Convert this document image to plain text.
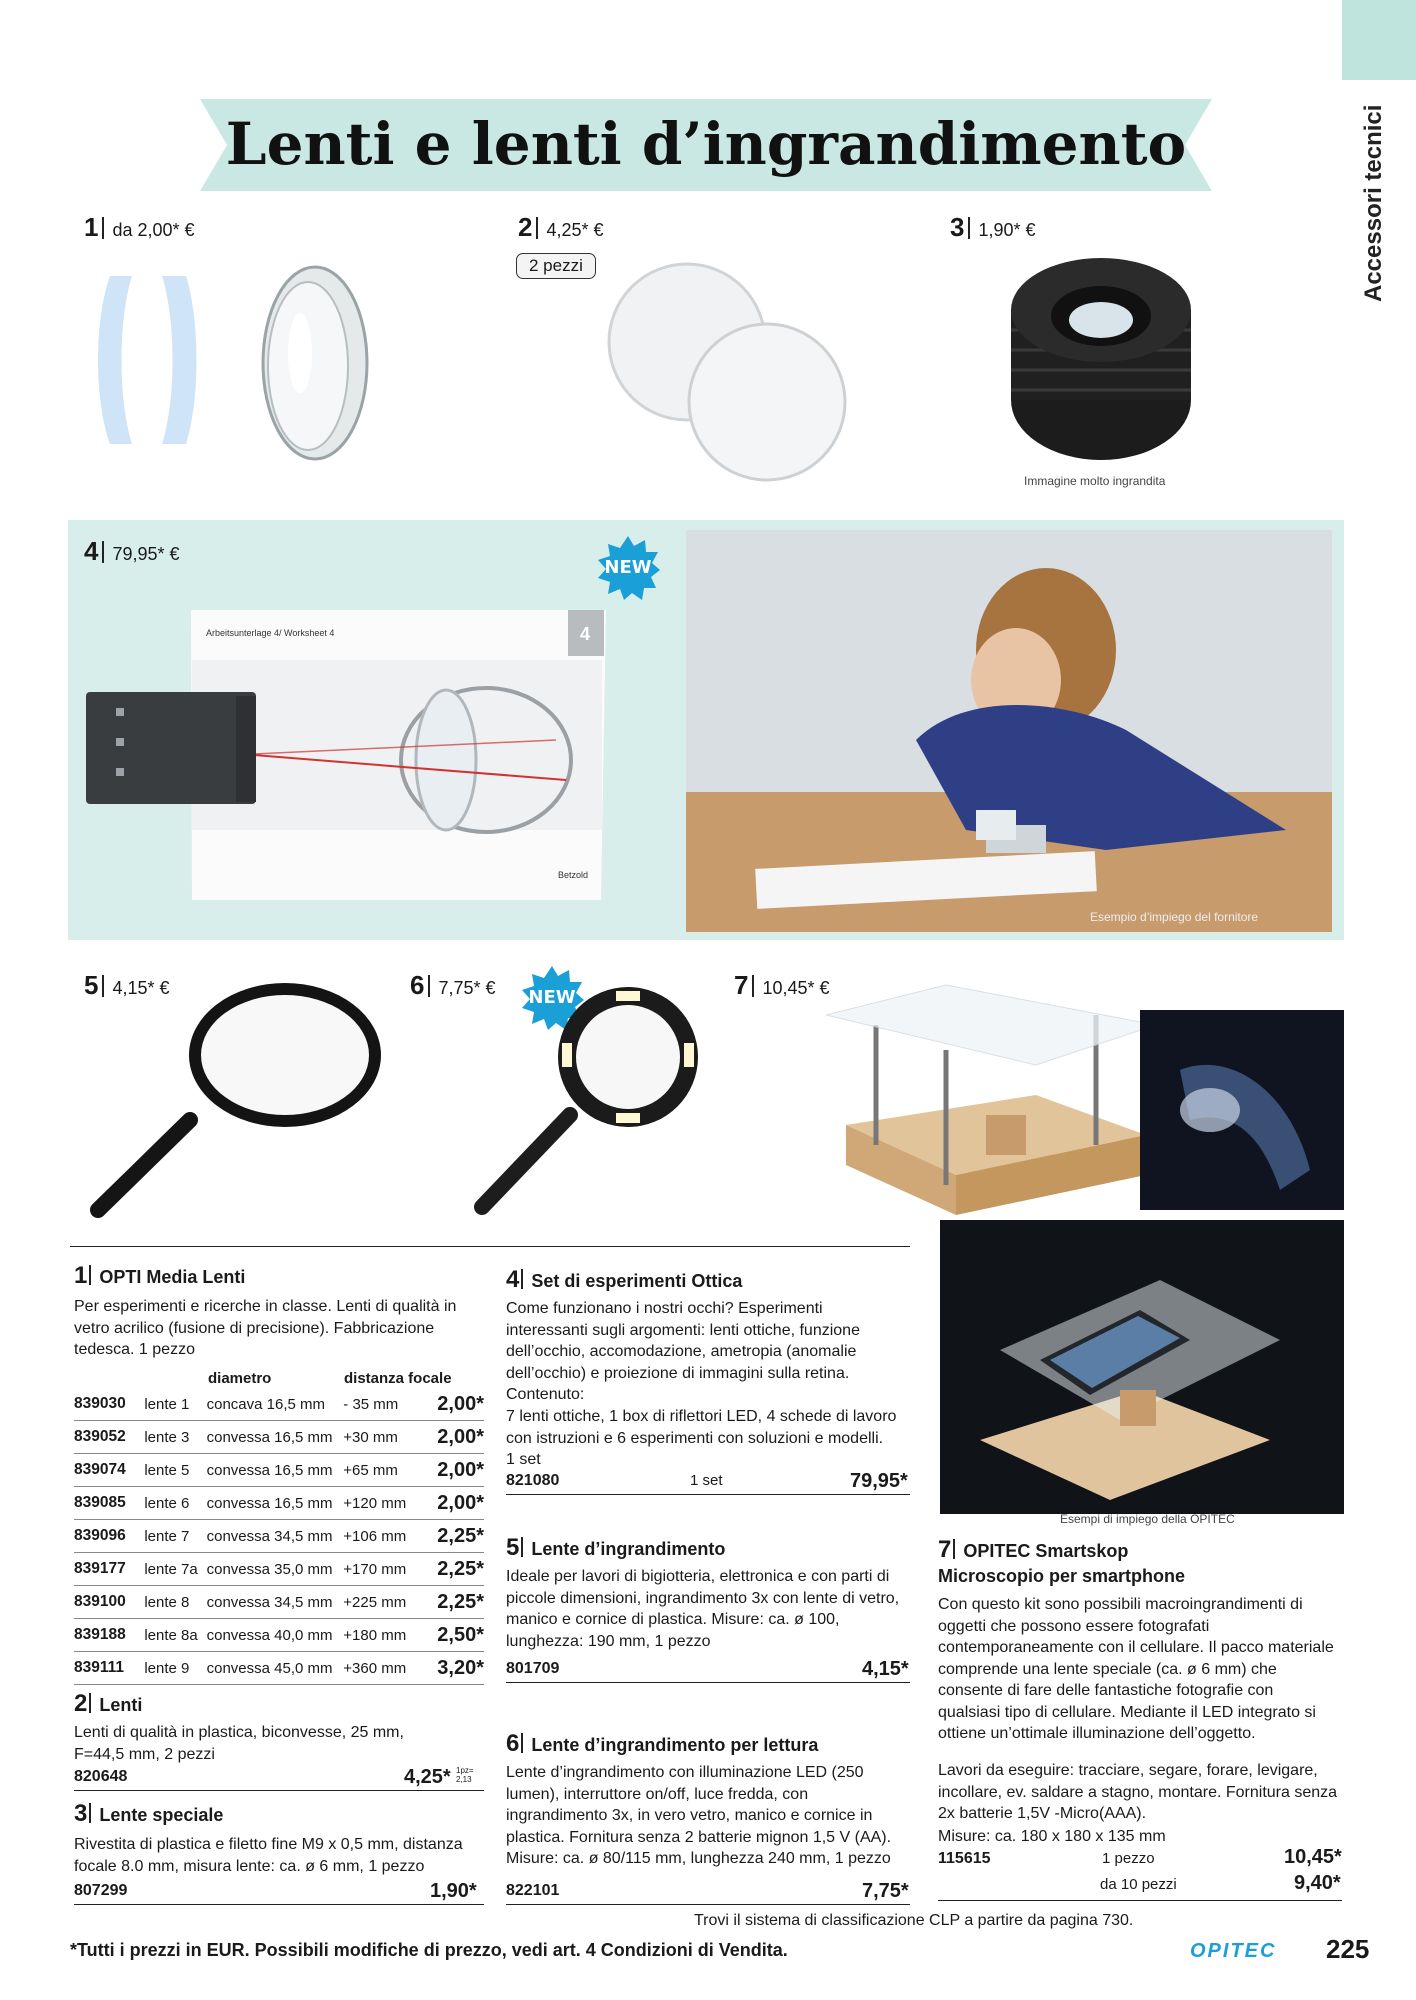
Accessori tecnici
Lenti e lenti d’ingrandimento
1 da 2,00* €	2 4,25* €
2 pezzi
3 1,90* €
Immagine molto ingrandita
4 79,95* €
NEW
Arbeitsunterlage 4/ Worksheet 4	4
Betzold
Esempio d’impiego del fornitore
5 4,15* €	6 7,75* €	NEW	7 10,45* €
Esempi di impiego della OPITEC
1 OPTI Media Lenti
Per esperimenti e ricerche in classe. Lenti di qualità in vetro acrilico (fusione di precisione). Fabbricazione tedesca. 1 pezzo
diametro	distanza focale
839030	lente 1	concava 16,5 mm	- 35 mm	2,00*
839052	lente 3	convessa 16,5 mm	+30 mm	2,00*
839074	lente 5	convessa 16,5 mm	+65 mm	2,00*
839085	lente 6	convessa 16,5 mm	+120 mm	2,00*
839096	lente 7	convessa 34,5 mm	+106 mm	2,25*
839177	lente 7a	convessa 35,0 mm	+170 mm	2,25*
839100	lente 8	convessa 34,5 mm	+225 mm	2,25*
839188	lente 8a	convessa 40,0 mm	+180 mm	2,50*
839111	lente 9	convessa 45,0 mm	+360 mm	3,20*
2 Lenti
Lenti di qualità in plastica, biconvesse, 25 mm, F=44,5 mm, 2 pezzi
820648	4,25* 1pz= 2,13
3 Lente speciale
Rivestita di plastica e filetto fine M9 x 0,5 mm, distanza focale 8.0 mm, misura lente: ca. ø 6 mm, 1 pezzo
807299	1,90*
4 Set di esperimenti Ottica
Come funzionano i nostri occhi? Esperimenti interessanti sugli argomenti: lenti ottiche, funzione dell’occhio, accomodazione, ametropia (anomalie dell’occhio) e proiezione di immagini sulla retina.
Contenuto:
7 lenti ottiche, 1 box di riflettori LED, 4 schede di lavoro con istruzioni e 6 esperimenti con soluzioni e modelli.
1 set
821080	1 set	79,95*
5 Lente d’ingrandimento
Ideale per lavori di bigiotteria, elettronica e con parti di piccole dimensioni, ingrandimento 3x con lente di vetro, manico e cornice di plastica. Misure: ca. ø 100, lunghezza: 190 mm, 1 pezzo
801709	4,15*
6 Lente d’ingrandimento per lettura
Lente d’ingrandimento con illuminazione LED (250 lumen), interruttore on/off, luce fredda, con ingrandimento 3x, in vero vetro, manico e cornice in plastica. Fornitura senza 2 batterie mignon 1,5 V (AA). Misure: ca. ø 80/115 mm, lunghezza 240 mm, 1 pezzo
822101	7,75*
7 OPITEC Smartskop
Microscopio per smartphone
Con questo kit sono possibili macroingrandimenti di oggetti che possono essere fotografati contemporaneamente con il cellulare. Il pacco materiale comprende una lente speciale (ca. ø 6 mm) che consente di fare delle fantastiche fotografie con qualsiasi tipo di cellulare. Mediante il LED integrato si ottiene un’ottimale illuminazione dell’oggetto.
Lavori da eseguire: tracciare, segare, forare, levigare, incollare, ev. saldare a stagno, montare. Fornitura senza 2x batterie 1,5V -Micro(AAA).
Misure: ca. 180 x 180 x 135 mm
115615	1 pezzo	10,45*
da 10 pezzi	9,40*
Trovi il sistema di classificazione CLP a partire da pagina 730.
*Tutti i prezzi in EUR. Possibili modifiche di prezzo, vedi art. 4 Condizioni di Vendita.	OPITEC 225
